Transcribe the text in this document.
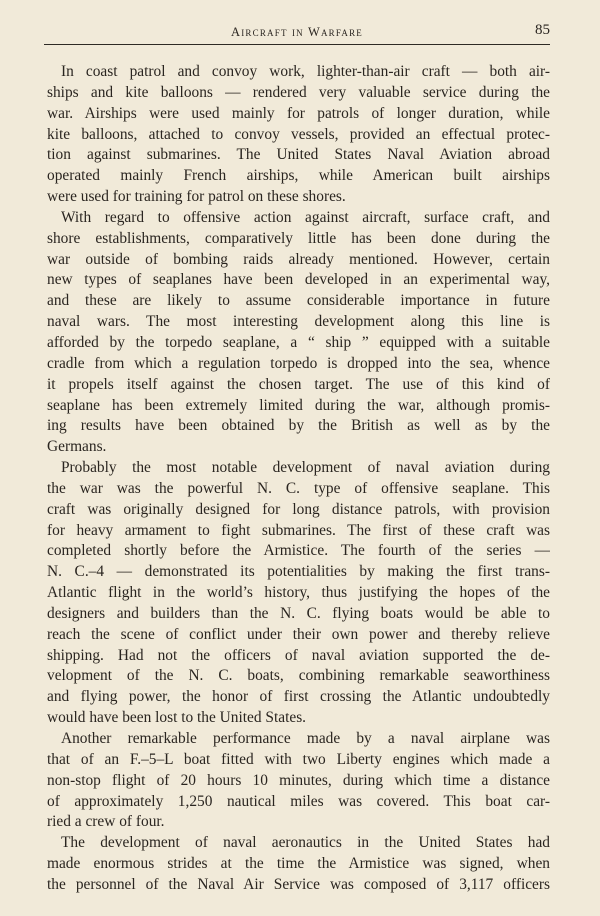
Aircraft in Warfare	85

In coast patrol and convoy work, lighter-than-air craft — both air-
ships and kite balloons — rendered very valuable service during the
war. Airships were used mainly for patrols of longer duration, while
kite balloons, attached to convoy vessels, provided an effectual protec-
tion against submarines. The United States Naval Aviation abroad
operated mainly French airships, while American built airships
were used for training for patrol on these shores.

With regard to offensive action against aircraft, surface craft, and
shore establishments, comparatively little has been done during the
war outside of bombing raids already mentioned. However, certain
new types of seaplanes have been developed in an experimental way,
and these are likely to assume considerable importance in future
naval wars. The most interesting development along this line is
afforded by the torpedo seaplane, a “ ship ” equipped with a suitable
cradle from which a regulation torpedo is dropped into the sea, whence
it propels itself against the chosen target. The use of this kind of
seaplane has been extremely limited during the war, although promis-
ing results have been obtained by the British as well as by the
Germans.

Probably the most notable development of naval aviation during
the war was the powerful N. C. type of offensive seaplane. This
craft was originally designed for long distance patrols, with provision
for heavy armament to fight submarines. The first of these craft was
completed shortly before the Armistice. The fourth of the series —
N. C.–4 — demonstrated its potentialities by making the first trans-
Atlantic flight in the world’s history, thus justifying the hopes of the
designers and builders than the N. C. flying boats would be able to
reach the scene of conflict under their own power and thereby relieve
shipping. Had not the officers of naval aviation supported the de-
velopment of the N. C. boats, combining remarkable seaworthiness
and flying power, the honor of first crossing the Atlantic undoubtedly
would have been lost to the United States.

Another remarkable performance made by a naval airplane was
that of an F.–5–L boat fitted with two Liberty engines which made a
non-stop flight of 20 hours 10 minutes, during which time a distance
of approximately 1,250 nautical miles was covered. This boat car-
ried a crew of four.

The development of naval aeronautics in the United States had
made enormous strides at the time the Armistice was signed, when
the personnel of the Naval Air Service was composed of 3,117 officers
